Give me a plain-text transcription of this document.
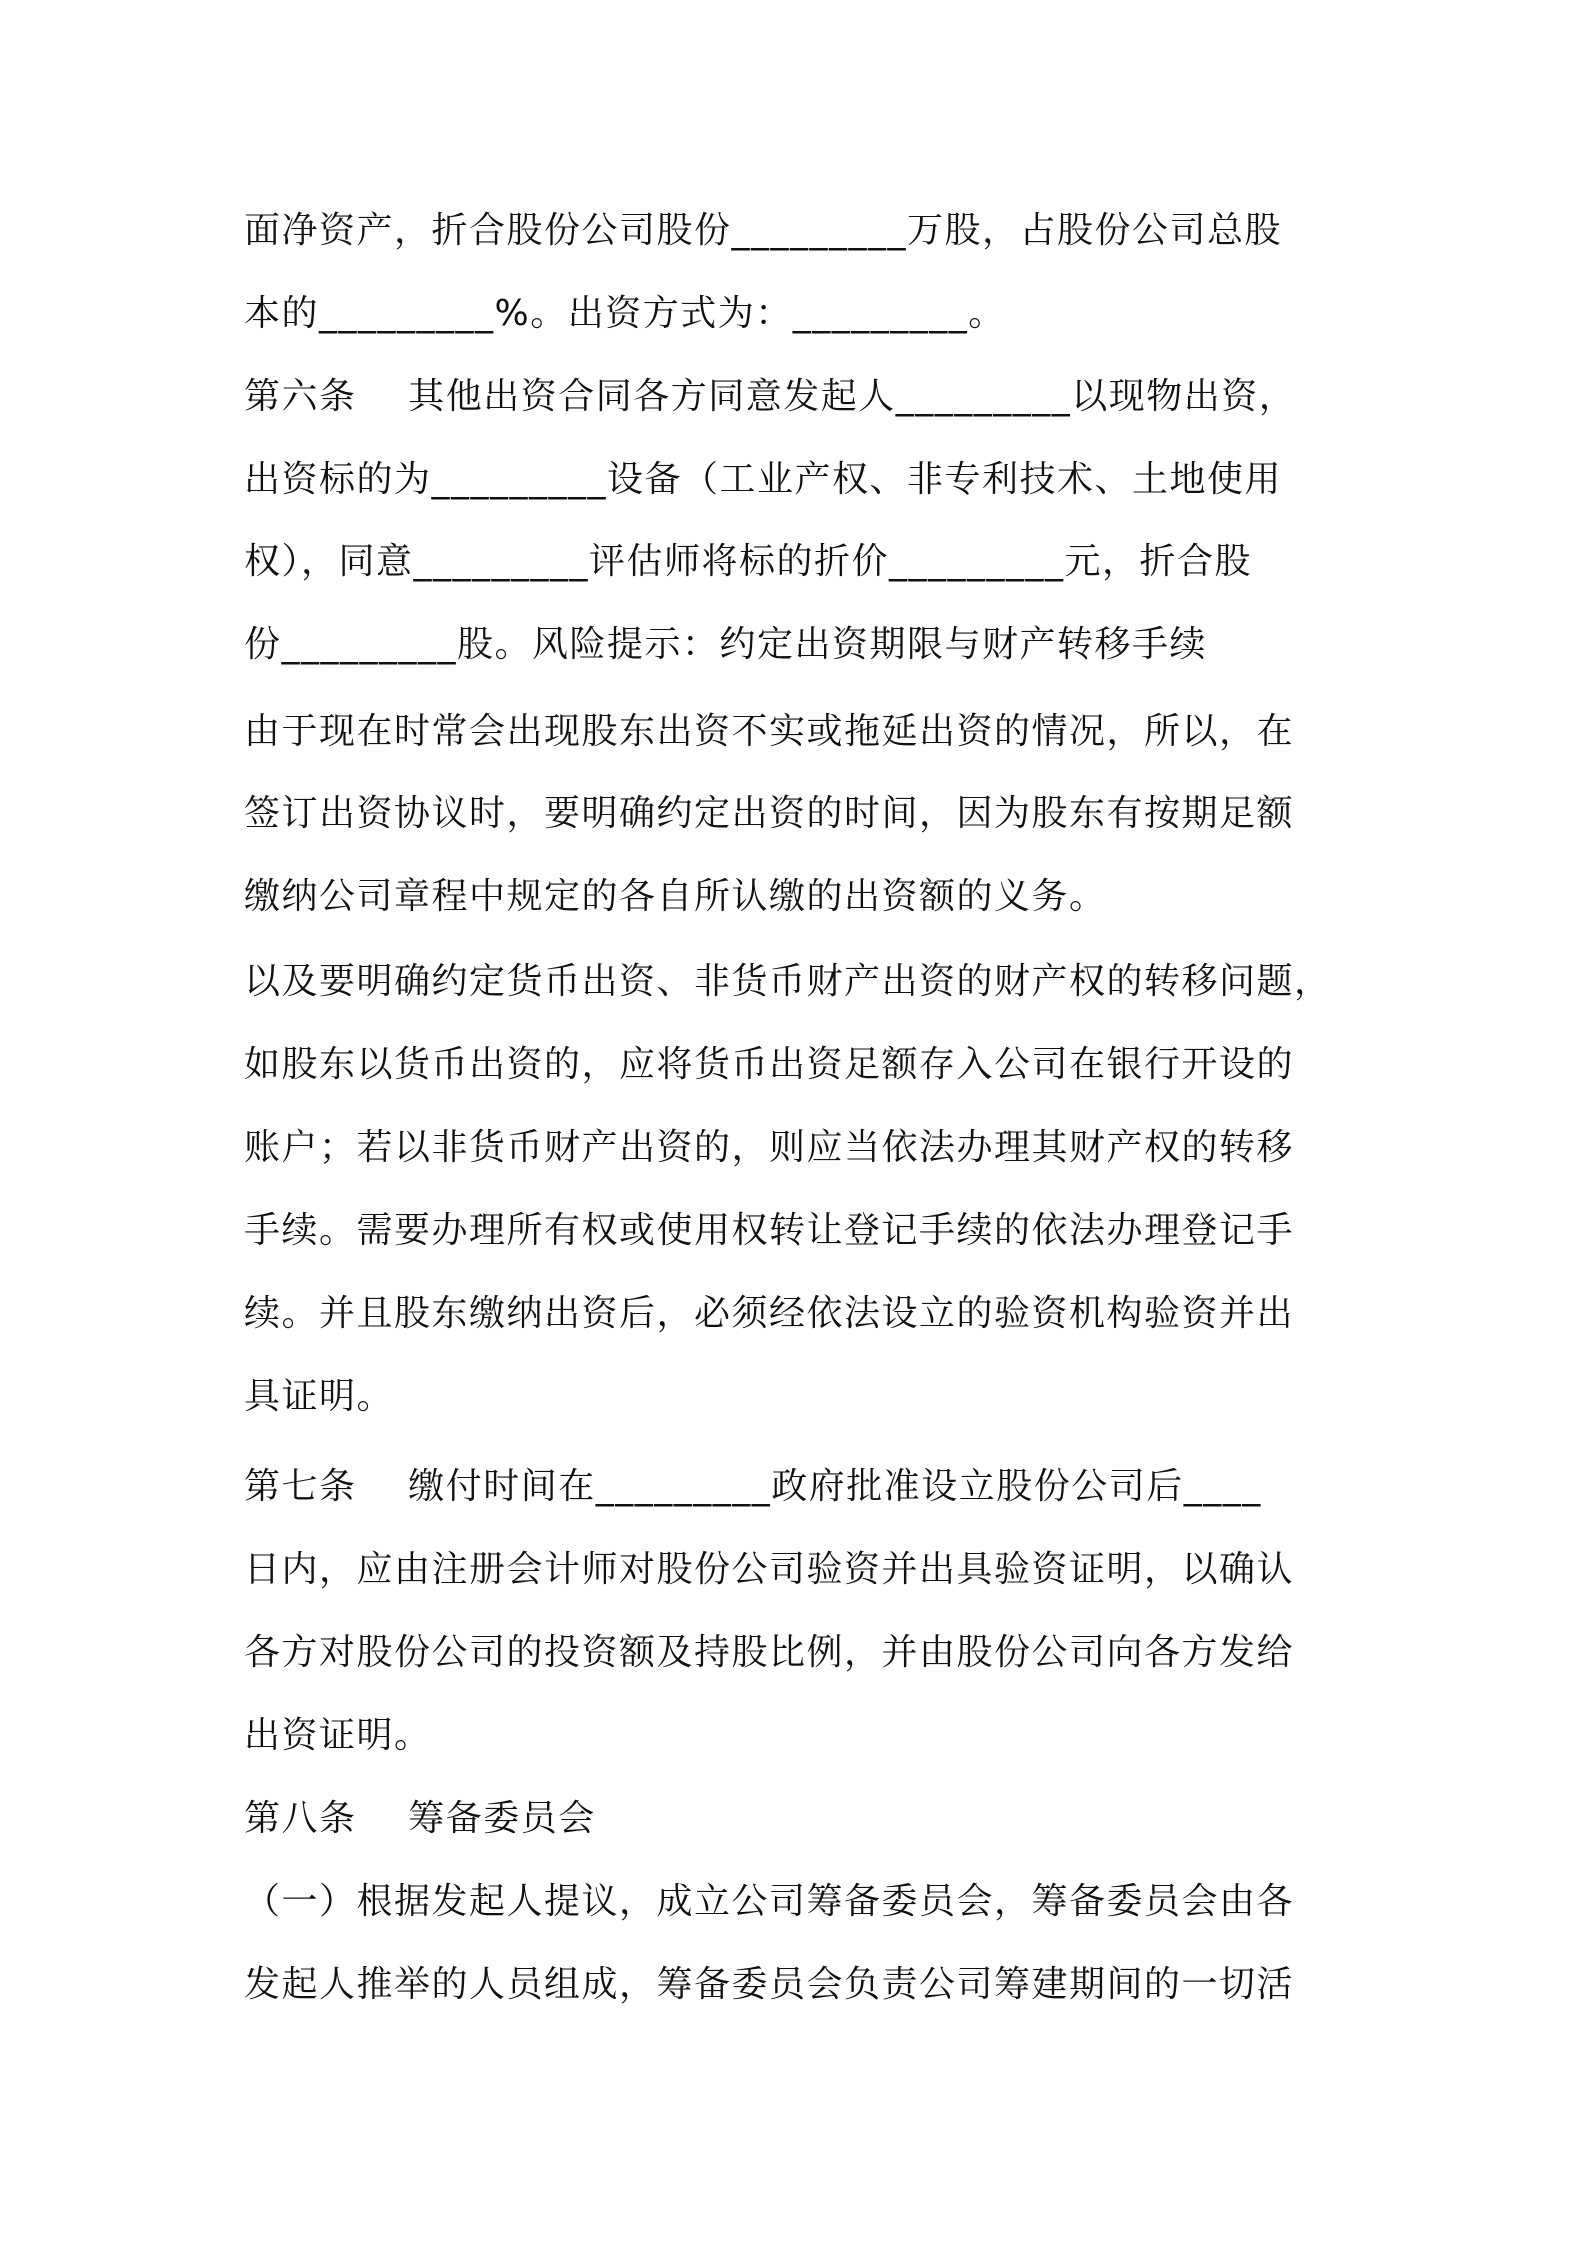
面净资产，折合股份公司股份_________万股，占股份公司总股
本的_________%。出资方式为：_________。
第六条    其他出资合同各方同意发起人_________以现物出资，
出资标的为_________设备（工业产权、非专利技术、土地使用
权），同意_________评估师将标的折价_________元，折合股
份_________股。风险提示：约定出资期限与财产转移手续
由于现在时常会出现股东出资不实或拖延出资的情况，所以，在
签订出资协议时，要明确约定出资的时间，因为股东有按期足额
缴纳公司章程中规定的各自所认缴的出资额的义务。
以及要明确约定货币出资、非货币财产出资的财产权的转移问题，
如股东以货币出资的，应将货币出资足额存入公司在银行开设的
账户；若以非货币财产出资的，则应当依法办理其财产权的转移
手续。需要办理所有权或使用权转让登记手续的依法办理登记手
续。并且股东缴纳出资后，必须经依法设立的验资机构验资并出
具证明。
第七条    缴付时间在_________政府批准设立股份公司后____
日内，应由注册会计师对股份公司验资并出具验资证明，以确认
各方对股份公司的投资额及持股比例，并由股份公司向各方发给
出资证明。
第八条    筹备委员会
（一）根据发起人提议，成立公司筹备委员会，筹备委员会由各
发起人推举的人员组成，筹备委员会负责公司筹建期间的一切活
